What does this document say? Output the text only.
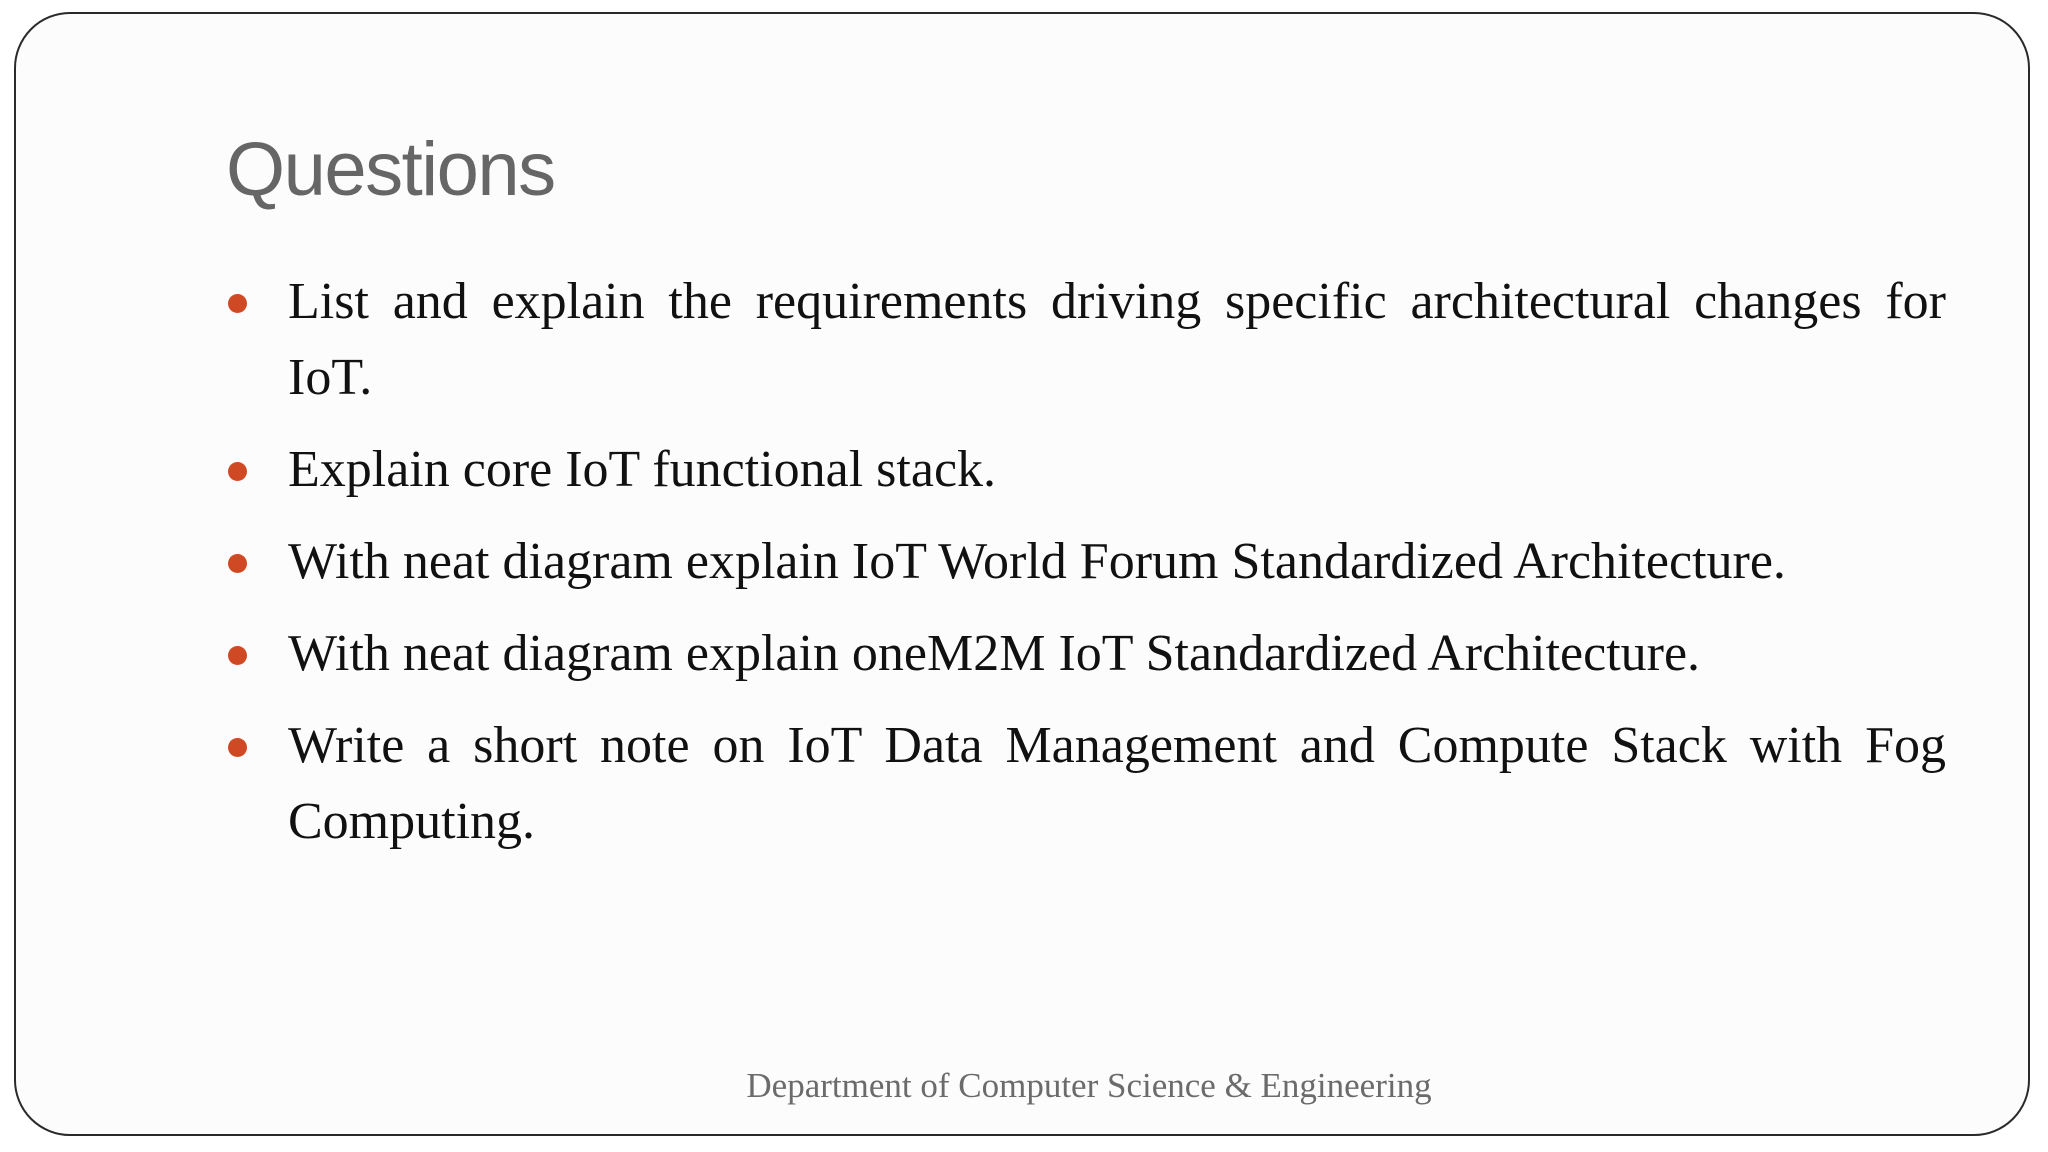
Questions
List and explain the requirements driving specific architectural changes for IoT.
Explain core IoT functional stack.
With neat diagram explain IoT World Forum Standardized Architecture.
With neat diagram explain oneM2M IoT Standardized Architecture.
Write a short note on IoT Data Management and Compute Stack with Fog Computing.
Department of Computer Science & Engineering
